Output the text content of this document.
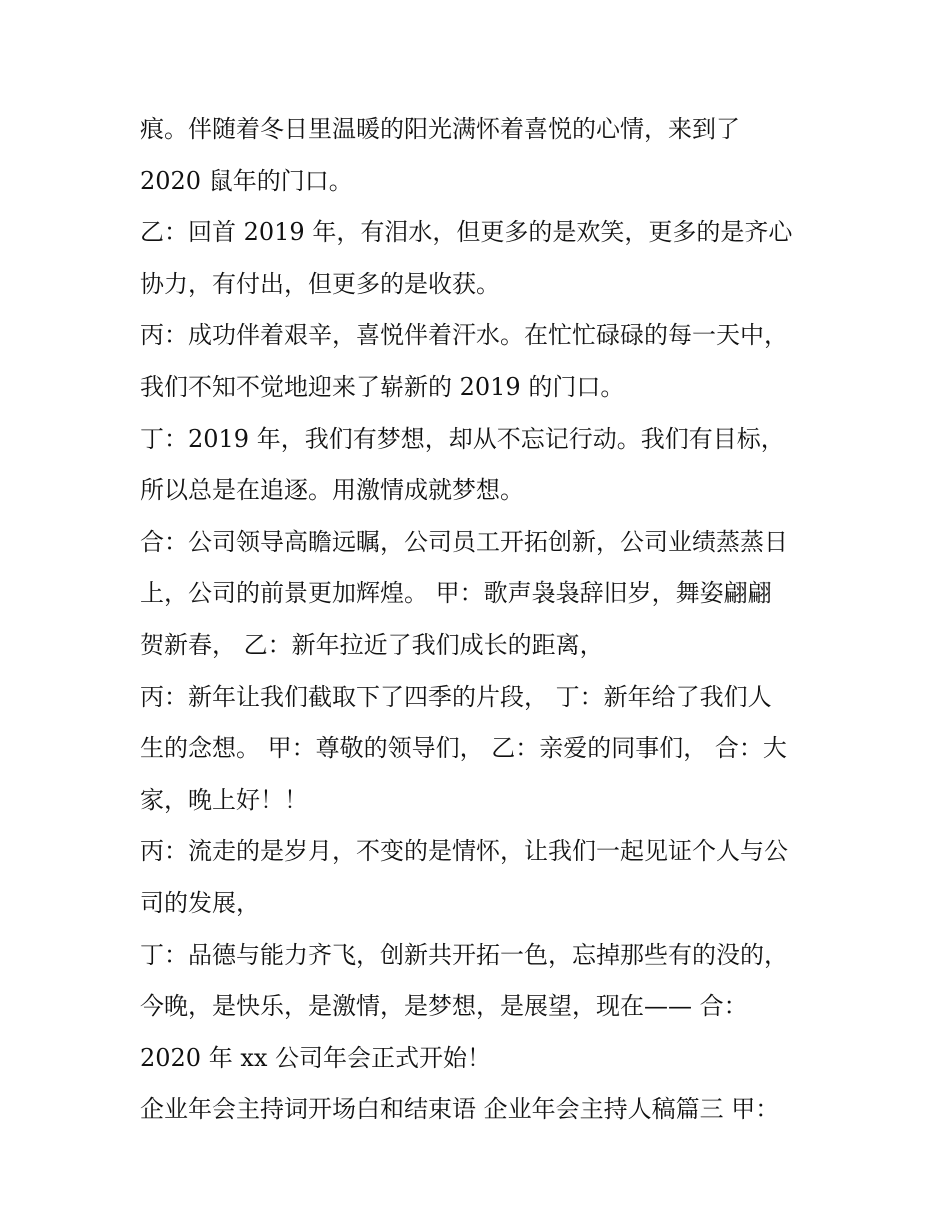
痕。伴随着冬日里温暖的阳光满怀着喜悦的心情，来到了

2020 鼠年的门口。

乙：回首 2019 年，有泪水，但更多的是欢笑，更多的是齐心

协力，有付出，但更多的是收获。

丙：成功伴着艰辛，喜悦伴着汗水。在忙忙碌碌的每一天中，

我们不知不觉地迎来了崭新的 2019 的门口。

丁：2019 年，我们有梦想，却从不忘记行动。我们有目标，

所以总是在追逐。用激情成就梦想。

合：公司领导高瞻远瞩，公司员工开拓创新，公司业绩蒸蒸日

上，公司的前景更加辉煌。 甲：歌声袅袅辞旧岁，舞姿翩翩

贺新春， 乙：新年拉近了我们成长的距离，

丙：新年让我们截取下了四季的片段， 丁：新年给了我们人

生的念想。 甲：尊敬的领导们， 乙：亲爱的同事们， 合：大

家，晚上好！！

丙：流走的是岁月，不变的是情怀，让我们一起见证个人与公

司的发展，

丁：品德与能力齐飞，创新共开拓一色，忘掉那些有的没的，

今晚，是快乐，是激情，是梦想，是展望，现在—— 合：

2020 年 xx 公司年会正式开始！

企业年会主持词开场白和结束语 企业年会主持人稿篇三 甲：
